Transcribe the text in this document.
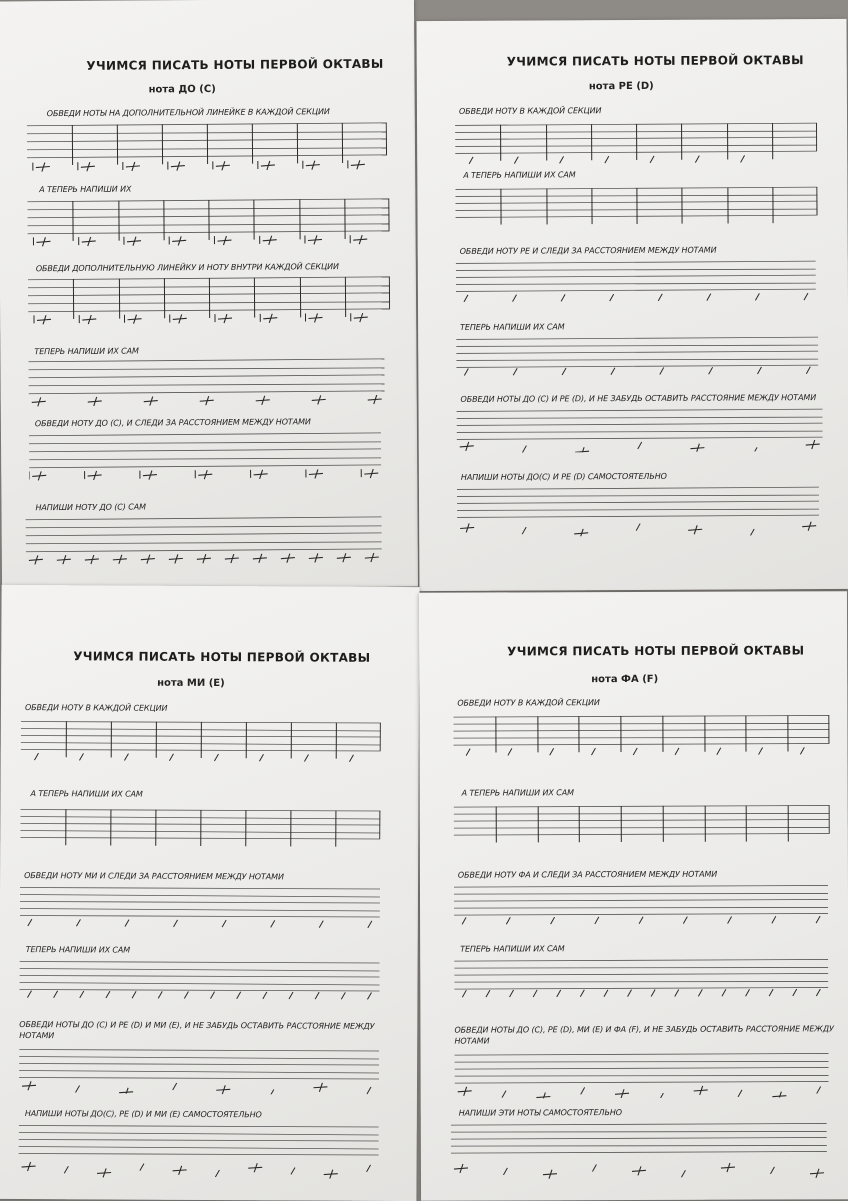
УЧИМСЯ ПИСАТЬ НОТЫ ПЕРВОЙ ОКТАВЫ
нота ДО (С)
ОБВЕДИ НОТЫ НА ДОПОЛНИТЕЛЬНОЙ ЛИНЕЙКЕ В КАЖДОЙ СЕКЦИИ
А ТЕПЕРЬ НАПИШИ ИХ
ОБВЕДИ ДОПОЛНИТЕЛЬНУЮ ЛИНЕЙКУ И НОТУ ВНУТРИ КАЖДОЙ СЕКЦИИ
ТЕПЕРЬ НАПИШИ ИХ САМ
ОБВЕДИ НОТУ ДО (С), И СЛЕДИ ЗА РАССТОЯНИЕМ МЕЖДУ НОТАМИ
НАПИШИ НОТУ ДО (С) САМ
УЧИМСЯ ПИСАТЬ НОТЫ ПЕРВОЙ ОКТАВЫ
нота РЕ (D)
ОБВЕДИ НОТУ В КАЖДОЙ СЕКЦИИ
А ТЕПЕРЬ НАПИШИ ИХ САМ
ОБВЕДИ НОТУ РЕ И СЛЕДИ ЗА РАССТОЯНИЕМ МЕЖДУ НОТАМИ
ТЕПЕРЬ НАПИШИ ИХ САМ
ОБВЕДИ НОТЫ ДО (С) И РЕ (D), И НЕ ЗАБУДЬ ОСТАВИТЬ РАССТОЯНИЕ МЕЖДУ НОТАМИ
НАПИШИ НОТЫ ДО(С) И РЕ (D) САМОСТОЯТЕЛЬНО
УЧИМСЯ ПИСАТЬ НОТЫ ПЕРВОЙ ОКТАВЫ
нота МИ (E)
ОБВЕДИ НОТУ В КАЖДОЙ СЕКЦИИ
А ТЕПЕРЬ НАПИШИ ИХ САМ
ОБВЕДИ НОТУ МИ И СЛЕДИ ЗА РАССТОЯНИЕМ МЕЖДУ НОТАМИ
ТЕПЕРЬ НАПИШИ ИХ САМ
ОБВЕДИ НОТЫ ДО (С) И РЕ (D) И МИ (E), И НЕ ЗАБУДЬ ОСТАВИТЬ РАССТОЯНИЕ МЕЖДУ НОТАМИ
НАПИШИ НОТЫ ДО(С), РЕ (D) И МИ (E) САМОСТОЯТЕЛЬНО
УЧИМСЯ ПИСАТЬ НОТЫ ПЕРВОЙ ОКТАВЫ
нота ФА (F)
ОБВЕДИ НОТУ В КАЖДОЙ СЕКЦИИ
А ТЕПЕРЬ НАПИШИ ИХ САМ
ОБВЕДИ НОТУ ФА И СЛЕДИ ЗА РАССТОЯНИЕМ МЕЖДУ НОТАМИ
ТЕПЕРЬ НАПИШИ ИХ САМ
ОБВЕДИ НОТЫ ДО (С), РЕ (D), МИ (E) И ФА (F), И НЕ ЗАБУДЬ ОСТАВИТЬ РАССТОЯНИЕ МЕЖДУ НОТАМИ
НАПИШИ ЭТИ НОТЫ САМОСТОЯТЕЛЬНО
